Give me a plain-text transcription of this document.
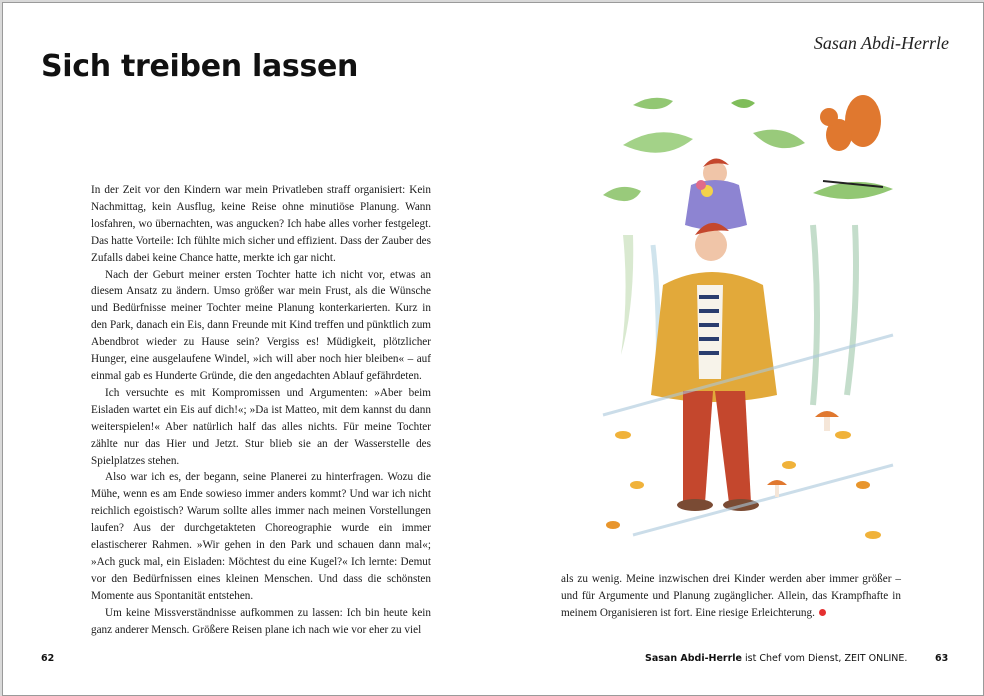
Sich treiben lassen
Sasan Abdi-Herrle

In der Zeit vor den Kindern war mein Privatleben straff organisiert: Kein Nachmittag, kein Ausflug, keine Reise ohne minutiöse Planung. Wann losfahren, wo übernachten, was angucken? Ich habe alles vorher festgelegt. Das hatte Vorteile: Ich fühlte mich sicher und effizient. Dass der Zauber des Zufalls dabei keine Chance hatte, merkte ich gar nicht.

Nach der Geburt meiner ersten Tochter hatte ich nicht vor, etwas an diesem Ansatz zu ändern. Umso größer war mein Frust, als die Wünsche und Bedürfnisse meiner Tochter meine Planung konterkarierten. Kurz in den Park, danach ein Eis, dann Freunde mit Kind treffen und pünktlich zum Abendbrot wieder zu Hause sein? Vergiss es! Müdigkeit, plötzlicher Hunger, eine ausgelaufene Windel, »ich will aber noch hier bleiben« – auf einmal gab es Hunderte Gründe, die den angedachten Ablauf gefährdeten.

Ich versuchte es mit Kompromissen und Argumenten: »Aber beim Eisladen wartet ein Eis auf dich!«; »Da ist Matteo, mit dem kannst du dann weiterspielen!« Aber natürlich half das alles nichts. Für meine Tochter zählte nur das Hier und Jetzt. Stur blieb sie an der Wasserstelle des Spielplatzes stehen.

Also war ich es, der begann, seine Planerei zu hinterfragen. Wozu die Mühe, wenn es am Ende sowieso immer anders kommt? Und war ich nicht reichlich egoistisch? Warum sollte alles immer nach meinen Vorstellungen laufen? Aus der durchgetakteten Choreographie wurde ein immer elastischerer Rahmen. »Wir gehen in den Park und schauen dann mal«; »Ach guck mal, ein Eisladen: Möchtest du eine Kugel?« Ich lernte: Demut vor den Bedürfnissen eines kleinen Menschen. Und dass die schönsten Momente aus Spontanität entstehen.

Um keine Missverständnisse aufkommen zu lassen: Ich bin heute kein ganz anderer Mensch. Größere Reisen plane ich nach wie vor eher zu viel

als zu wenig. Meine inzwischen drei Kinder werden aber immer größer – und für Argumente und Planung zugänglicher. Allein, das Krampfhafte in meinem Organisieren ist fort. Eine riesige Erleichterung.

62	Sasan Abdi-Herrle ist Chef vom Dienst, ZEIT ONLINE.	63
